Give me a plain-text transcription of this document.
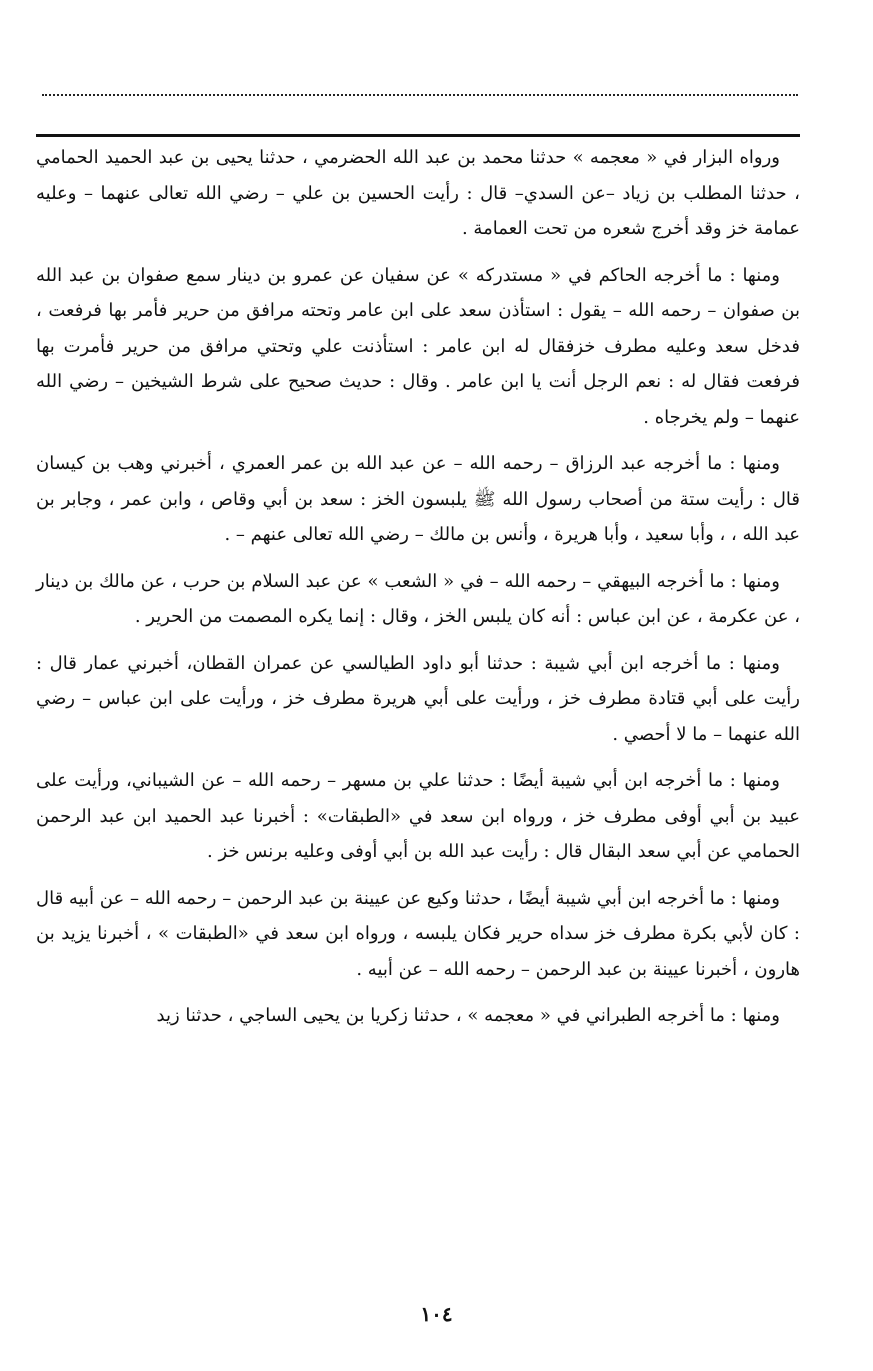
ورواه البزار في « معجمه » حدثنا محمد بن عبد الله الحضرمي ، حدثنا يحيى بن عبد الحميد الحمامي ، حدثنا المطلب بن زياد –عن السدي– قال : رأيت الحسين بن علي – رضي الله تعالى عنهما – وعليه عمامة خز وقد أخرج شعره من تحت العمامة .

ومنها : ما أخرجه الحاكم في « مستدركه » عن سفيان عن عمرو بن دينار سمع صفوان بن عبد الله بن صفوان – رحمه الله – يقول : استأذن سعد على ابن عامر وتحته مرافق من حرير فأمر بها فرفعت ، فدخل سعد وعليه مطرف خزفقال له ابن عامر : استأذنت علي وتحتي مرافق من حرير فأمرت بها فرفعت فقال له : نعم الرجل أنت يا ابن عامر . وقال : حديث صحيح على شرط الشيخين – رضي الله عنهما – ولم يخرجاه .

ومنها : ما أخرجه عبد الرزاق – رحمه الله – عن عبد الله بن عمر العمري ، أخبرني وهب بن كيسان قال : رأيت ستة من أصحاب رسول الله ﷺ يلبسون الخز : سعد بن أبي وقاص ، وابن عمر ، وجابر بن عبد الله ، ، وأبا سعيد ، وأبا هريرة ، وأنس بن مالك – رضي الله تعالى عنهم – .

ومنها : ما أخرجه البيهقي – رحمه الله – في « الشعب » عن عبد السلام بن حرب ، عن مالك بن دينار ، عن عكرمة ، عن ابن عباس : أنه كان يلبس الخز ، وقال : إنما يكره المصمت من الحرير .

ومنها : ما أخرجه ابن أبي شيبة : حدثنا أبو داود الطيالسي عن عمران القطان، أخبرني عمار قال : رأيت على أبي قتادة مطرف خز ، ورأيت على أبي هريرة مطرف خز ، ورأيت على ابن عباس – رضي الله عنهما – ما لا أحصي .

ومنها : ما أخرجه ابن أبي شيبة أيضًا : حدثنا علي بن مسهر – رحمه الله – عن الشيباني، ورأيت على عبيد بن أبي أوفى مطرف خز ، ورواه ابن سعد في «الطبقات» : أخبرنا عبد الحميد ابن عبد الرحمن الحمامي عن أبي سعد البقال قال : رأيت عبد الله بن أبي أوفى وعليه برنس خز .

ومنها : ما أخرجه ابن أبي شيبة أيضًا ، حدثنا وكيع عن عيينة بن عبد الرحمن – رحمه الله – عن أبيه قال : كان لأبي بكرة مطرف خز سداه حرير فكان يلبسه ، ورواه ابن سعد في «الطبقات » ، أخبرنا يزيد بن هارون ، أخبرنا عيينة بن عبد الرحمن – رحمه الله – عن أبيه .

ومنها : ما أخرجه الطبراني في « معجمه » ، حدثنا زكريا بن يحيى الساجي ، حدثنا زيد

١٠٤
